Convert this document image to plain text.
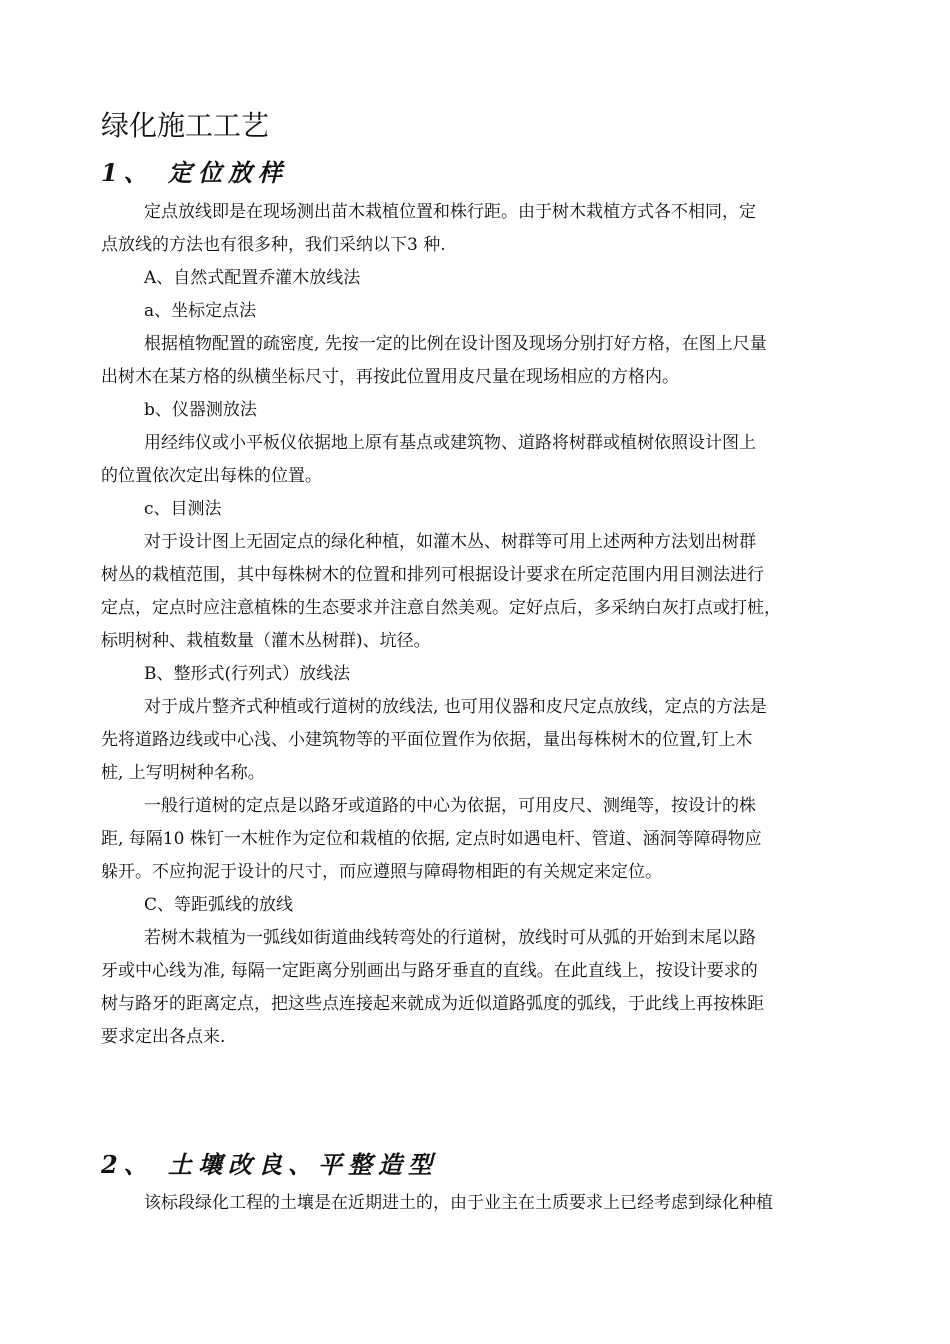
绿化施工工艺
1、 定位放样
定点放线即是在现场测出苗木栽植位置和株行距。由于树木栽植方式各不相同，定
点放线的方法也有很多种，我们采纳以下3 种.
A、自然式配置乔灌木放线法
a、坐标定点法
根据植物配置的疏密度, 先按一定的比例在设计图及现场分别打好方格，在图上尺量
出树木在某方格的纵横坐标尺寸，再按此位置用皮尺量在现场相应的方格内。
b、仪器测放法
用经纬仪或小平板仪依据地上原有基点或建筑物、道路将树群或植树依照设计图上
的位置依次定出每株的位置。
c、目测法
对于设计图上无固定点的绿化种植，如灌木丛、树群等可用上述两种方法划出树群
树丛的栽植范围，其中每株树木的位置和排列可根据设计要求在所定范围内用目测法进行
定点，定点时应注意植株的生态要求并注意自然美观。定好点后，多采纳白灰打点或打桩，
标明树种、栽植数量（灌木丛树群)、坑径。
B、整形式(行列式）放线法
对于成片整齐式种植或行道树的放线法, 也可用仪器和皮尺定点放线，定点的方法是
先将道路边线或中心浅、小建筑物等的平面位置作为依据，量出每株树木的位置,钉上木
桩, 上写明树种名称。
一般行道树的定点是以路牙或道路的中心为依据，可用皮尺、测绳等，按设计的株
距, 每隔10 株钉一木桩作为定位和栽植的依据, 定点时如遇电杆、管道、涵洞等障碍物应
躲开。不应拘泥于设计的尺寸，而应遵照与障碍物相距的有关规定来定位。
C、等距弧线的放线
若树木栽植为一弧线如街道曲线转弯处的行道树，放线时可从弧的开始到末尾以路
牙或中心线为准, 每隔一定距离分别画出与路牙垂直的直线。在此直线上，按设计要求的
树与路牙的距离定点，把这些点连接起来就成为近似道路弧度的弧线，于此线上再按株距
要求定出各点来.
2、 土壤改良、平整造型
该标段绿化工程的土壤是在近期进土的，由于业主在土质要求上已经考虑到绿化种植
